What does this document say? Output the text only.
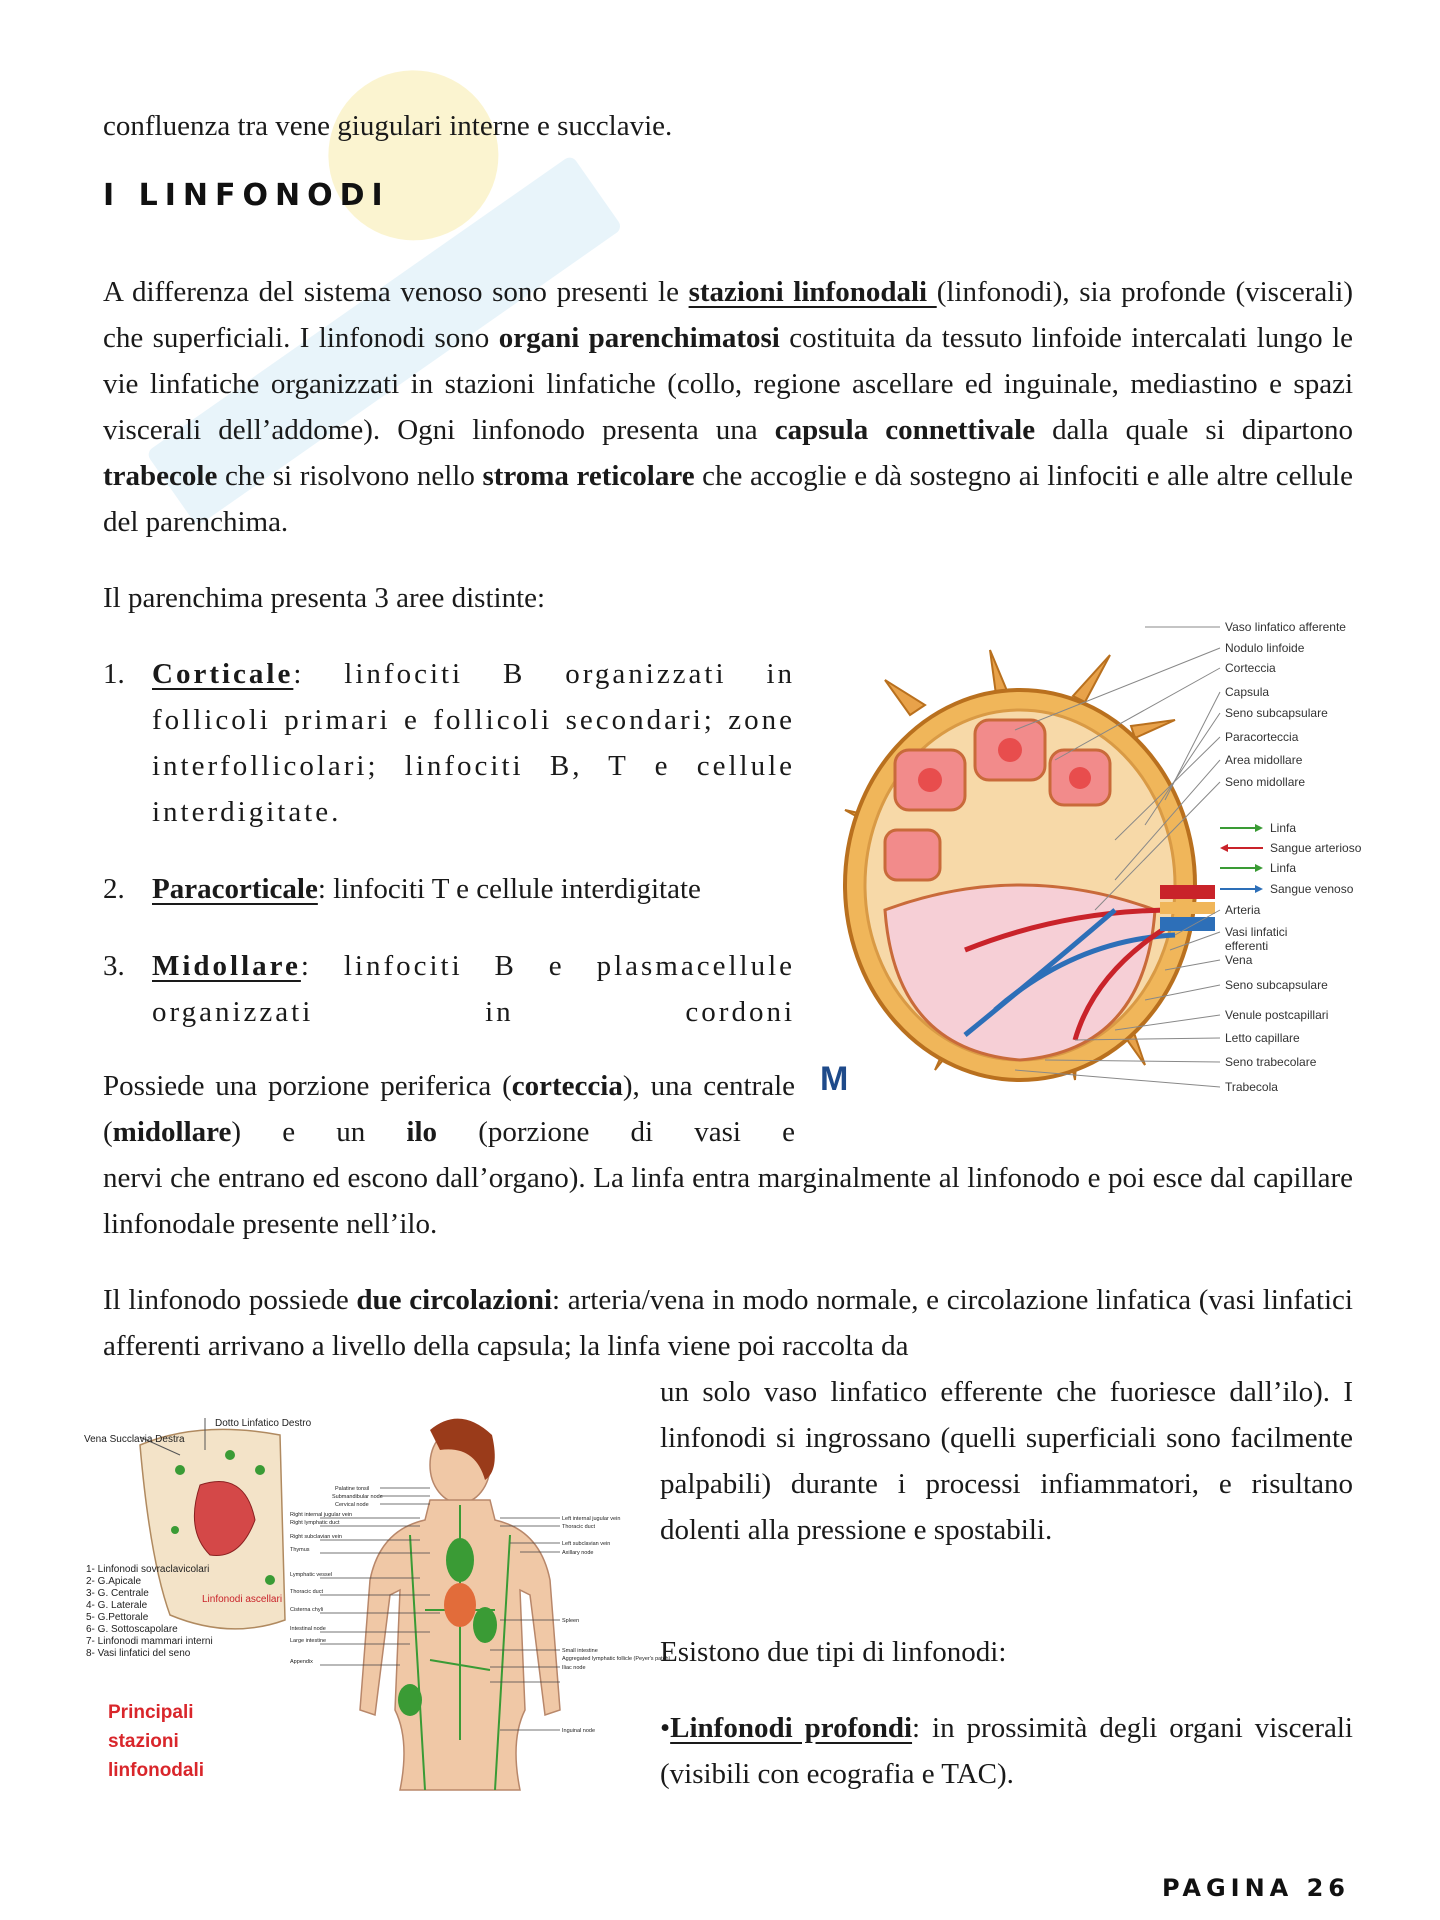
confluenza tra vene giugulari interne e succlavie.

I LINFONODI

A differenza del sistema venoso sono presenti le stazioni linfonodali (linfonodi), sia profonde (viscerali) che superficiali. I linfonodi sono organi parenchimatosi costituita da tessuto linfoide intercalati lungo le vie linfatiche organizzati in stazioni linfatiche (collo, regione ascellare ed inguinale, mediastino e spazi viscerali dell’addome). Ogni linfonodo presenta una capsula connettivale dalla quale si dipartono trabecole che si risolvono nello stroma reticolare che accoglie e dà sostegno ai linfociti e alle altre cellule del parenchima.

Il parenchima presenta 3 aree distinte:

1. Corticale: linfociti B organizzati in follicoli primari e follicoli secondari; zone interfollicolari; linfociti B, T e cellule interdigitate.
2. Paracorticale: linfociti T e cellule interdigitate
3. Midollare: linfociti B e plasmacellule organizzati in cordoni
Vaso linfatico afferente
Nodulo linfoide
Corteccia
Capsula
Seno subcapsulare
Paracorteccia
Area midollare
Seno midollare
Linfa
Sangue arterioso
Linfa
Sangue venoso
Arteria
Vasi linfatici
efferenti
Vena
Seno subcapsulare
Venule postcapillari
Letto capillare
Seno trabecolare
Trabecola
M

Possiede una porzione periferica (corteccia), una centrale (midollare) e un ilo (porzione di vasi e

nervi che entrano ed escono dall’organo). La linfa entra marginalmente al linfonodo e poi esce dal capillare linfonodale presente nell’ilo.

Il linfonodo possiede due circolazioni: arteria/vena in modo normale, e circolazione linfatica (vasi linfatici afferenti arrivano a livello della capsula; la linfa viene poi raccolta da

un solo vaso linfatico efferente che fuoriesce dall’ilo). I linfonodi si ingrossano (quelli superficiali sono facilmente palpabili) durante i processi infiammatori, e risultano dolenti alla pressione e spostabili.

Esistono due tipi di linfonodi:

•Linfonodi profondi: in prossimità degli organi viscerali (visibili con ecografia e TAC).

Dotto Linfatico Destro
Vena Succlavia Destra
Linfonodi ascellari
1- Linfonodi sovraclavicolari
2- G.Apicale
3- G. Centrale
4- G. Laterale
5- G.Pettorale
6- G. Sottoscapolare
7- Linfonodi mammari interni
8- Vasi linfatici del seno
Principali
stazioni
linfonodali
Palatine tonsil
Submandibular node
Cervical node
Right internal jugular vein
Right lymphatic duct
Right subclavian vein
Thymus
Lymphatic vessel
Thoracic duct
Cisterna chyli
Intestinal node
Large intestine
Appendix
Left internal jugular vein
Thoracic duct
Left subclavian vein
Axillary node
Spleen
Small intestine
Aggregated lymphatic follicle (Peyer's patch)
Iliac node
Inguinal node
PAGINA 26
